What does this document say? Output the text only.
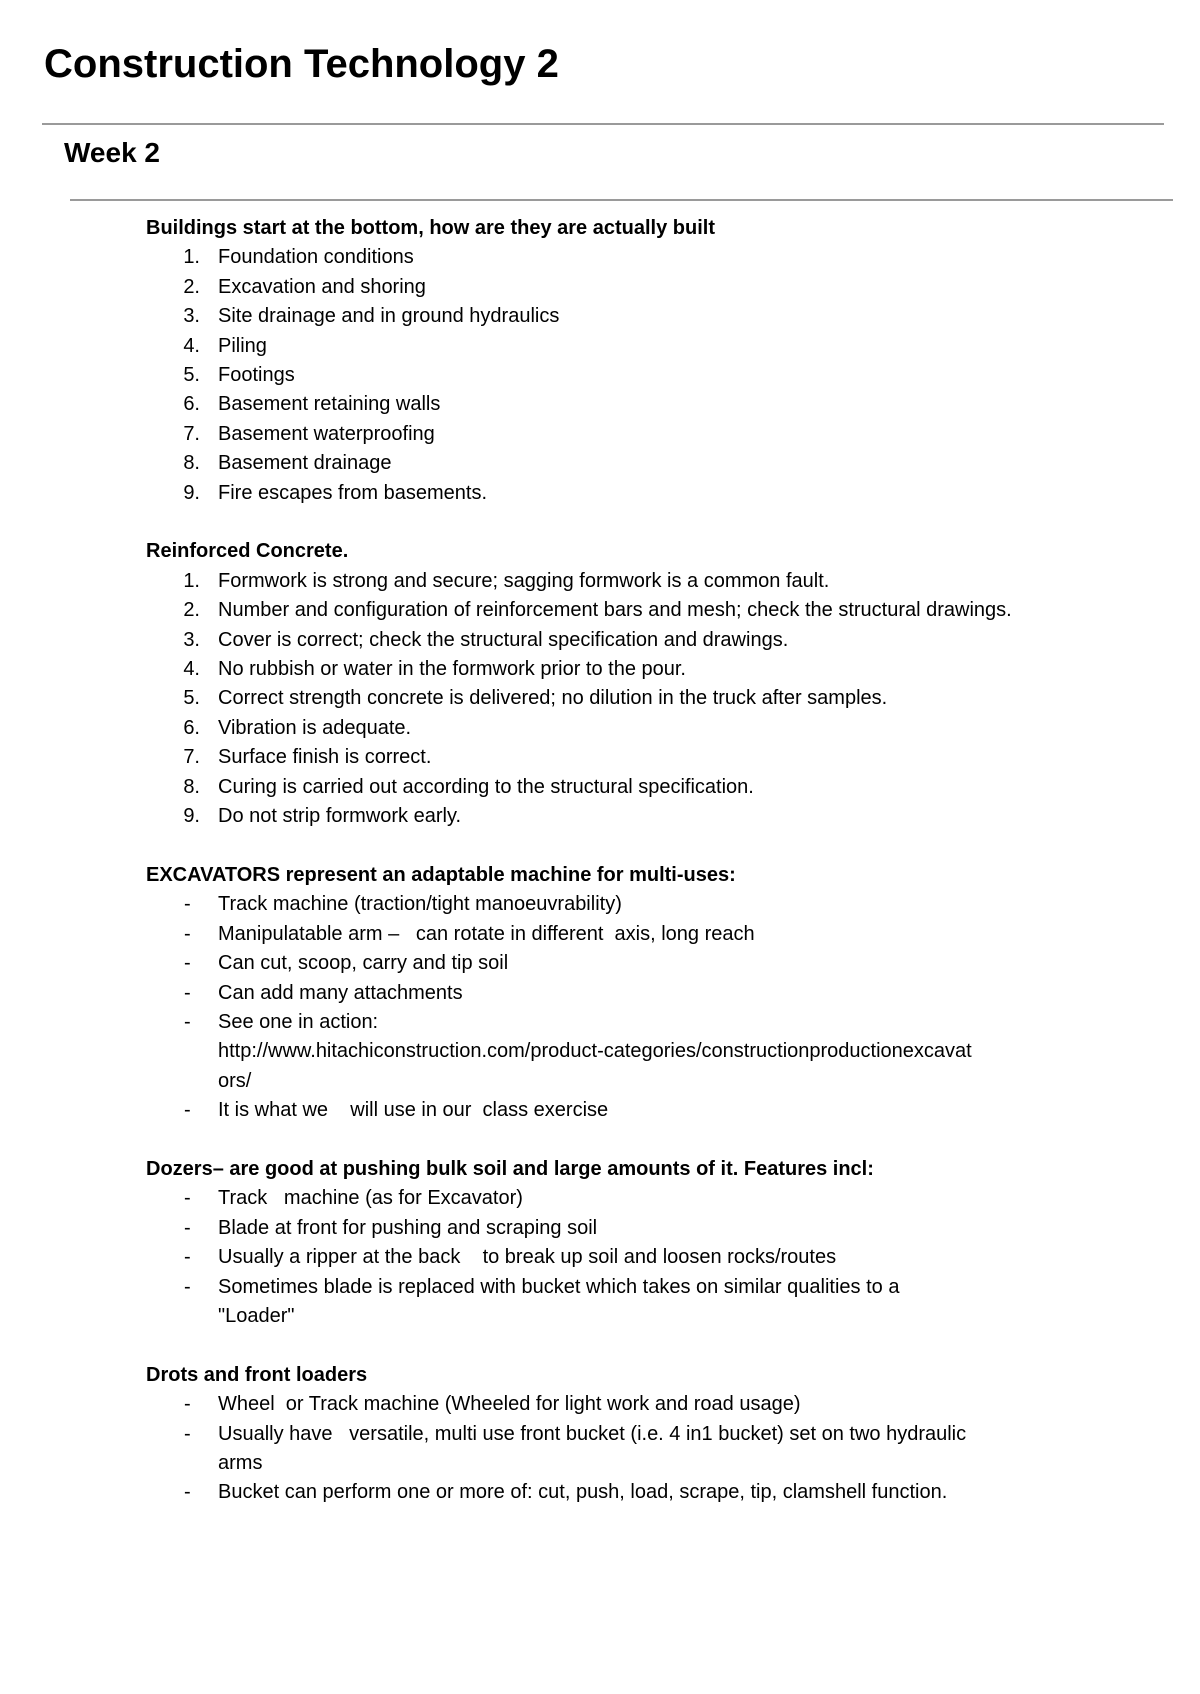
Construction Technology 2
Week 2

Buildings start at the bottom, how are they are actually built

1. Foundation conditions
2. Excavation and shoring
3. Site drainage and in ground hydraulics
4. Piling
5. Footings
6. Basement retaining walls
7. Basement waterproofing
8. Basement drainage
9. Fire escapes from basements.

Reinforced Concrete.

1. Formwork is strong and secure; sagging formwork is a common fault.
2. Number and configuration of reinforcement bars and mesh; check the structural drawings.
3. Cover is correct; check the structural specification and drawings.
4. No rubbish or water in the formwork prior to the pour.
5. Correct strength concrete is delivered; no dilution in the truck after samples.
6. Vibration is adequate.
7. Surface finish is correct.
8. Curing is carried out according to the structural specification.
9. Do not strip formwork early.

EXCAVATORS represent an adaptable machine for multi-uses:

-	Track machine (traction/tight manoeuvrability)
-	Manipulatable arm –   can rotate in different  axis, long reach
-	Can cut, scoop, carry and tip soil
-	Can add many attachments
-	See one in action:
http://www.hitachiconstruction.com/product-categories/constructionproductionexcavat
ors/
-	It is what we    will use in our  class exercise

Dozers– are good at pushing bulk soil and large amounts of it. Features incl:

-	Track   machine (as for Excavator)
-	Blade at front for pushing and scraping soil
-	Usually a ripper at the back    to break up soil and loosen rocks/routes
-	Sometimes blade is replaced with bucket which takes on similar qualities to a
"Loader"

Drots and front loaders

-	Wheel  or Track machine (Wheeled for light work and road usage)
-	Usually have   versatile, multi use front bucket (i.e. 4 in1 bucket) set on two hydraulic
arms
-	Bucket can perform one or more of: cut, push, load, scrape, tip, clamshell function.
